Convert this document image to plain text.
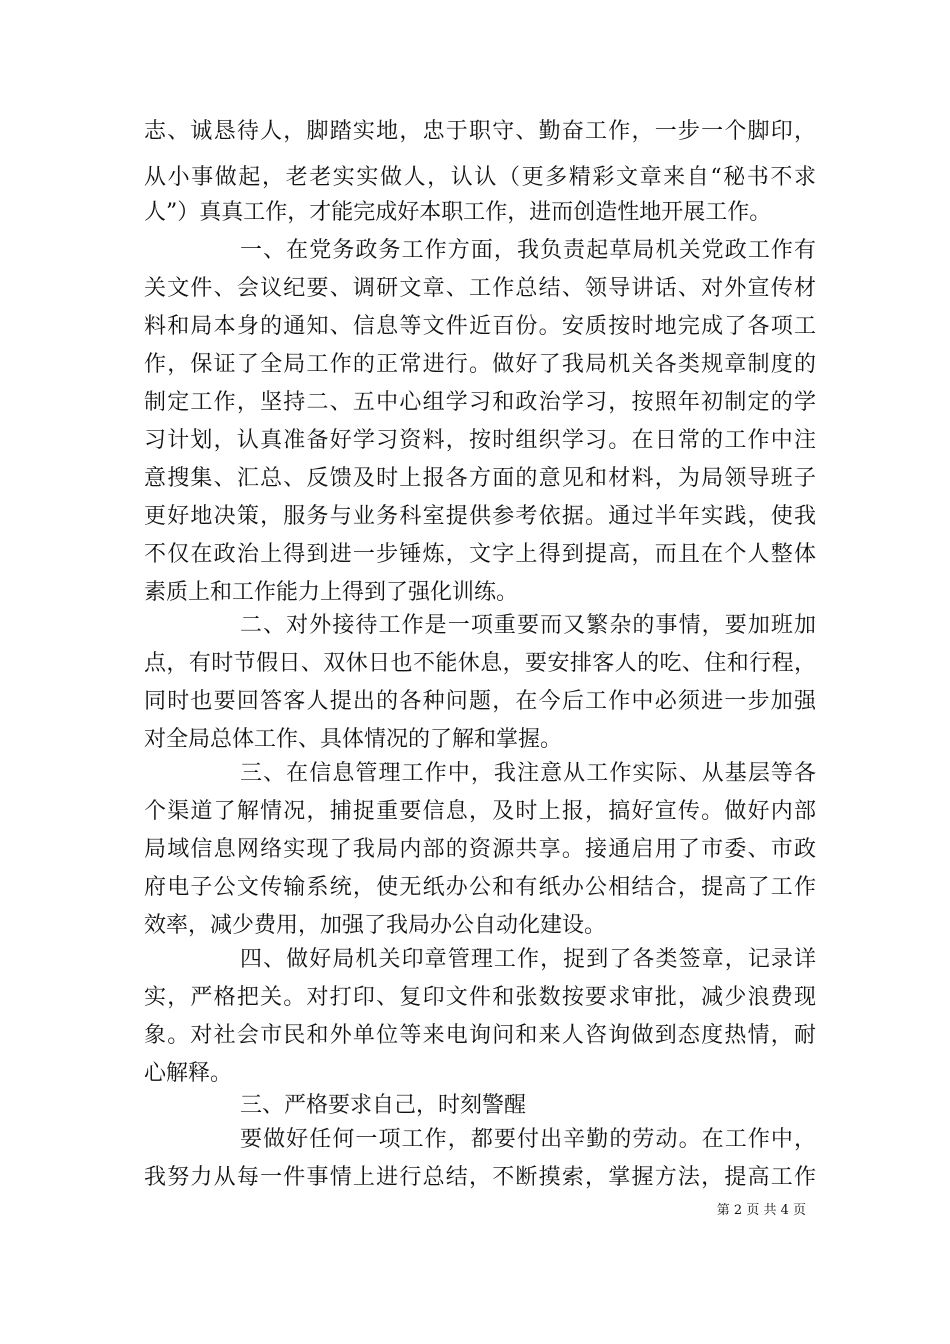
志、诚恳待人，脚踏实地，忠于职守、勤奋工作，一步一个脚印，
从小事做起，老老实实做人，认认（更多精彩文章来自“秘书不求
人”）真真工作，才能完成好本职工作，进而创造性地开展工作。
一、在党务政务工作方面，我负责起草局机关党政工作有
关文件、会议纪要、调研文章、工作总结、领导讲话、对外宣传材
料和局本身的通知、信息等文件近百份。安质按时地完成了各项工
作，保证了全局工作的正常进行。做好了我局机关各类规章制度的
制定工作，坚持二、五中心组学习和政治学习，按照年初制定的学
习计划，认真准备好学习资料，按时组织学习。在日常的工作中注
意搜集、汇总、反馈及时上报各方面的意见和材料，为局领导班子
更好地决策，服务与业务科室提供参考依据。通过半年实践，使我
不仅在政治上得到进一步锤炼，文字上得到提高，而且在个人整体
素质上和工作能力上得到了强化训练。
二、对外接待工作是一项重要而又繁杂的事情，要加班加
点，有时节假日、双休日也不能休息，要安排客人的吃、住和行程，
同时也要回答客人提出的各种问题，在今后工作中必须进一步加强
对全局总体工作、具体情况的了解和掌握。
三、在信息管理工作中，我注意从工作实际、从基层等各
个渠道了解情况，捕捉重要信息，及时上报，搞好宣传。做好内部
局域信息网络实现了我局内部的资源共享。接通启用了市委、市政
府电子公文传输系统，使无纸办公和有纸办公相结合，提高了工作
效率，减少费用，加强了我局办公自动化建设。
四、做好局机关印章管理工作，捉到了各类签章，记录详
实，严格把关。对打印、复印文件和张数按要求审批，减少浪费现
象。对社会市民和外单位等来电询问和来人咨询做到态度热情，耐
心解释。
三、严格要求自己，时刻警醒
要做好任何一项工作，都要付出辛勤的劳动。在工作中，
我努力从每一件事情上进行总结，不断摸索，掌握方法，提高工作
第 2 页 共 4 页
